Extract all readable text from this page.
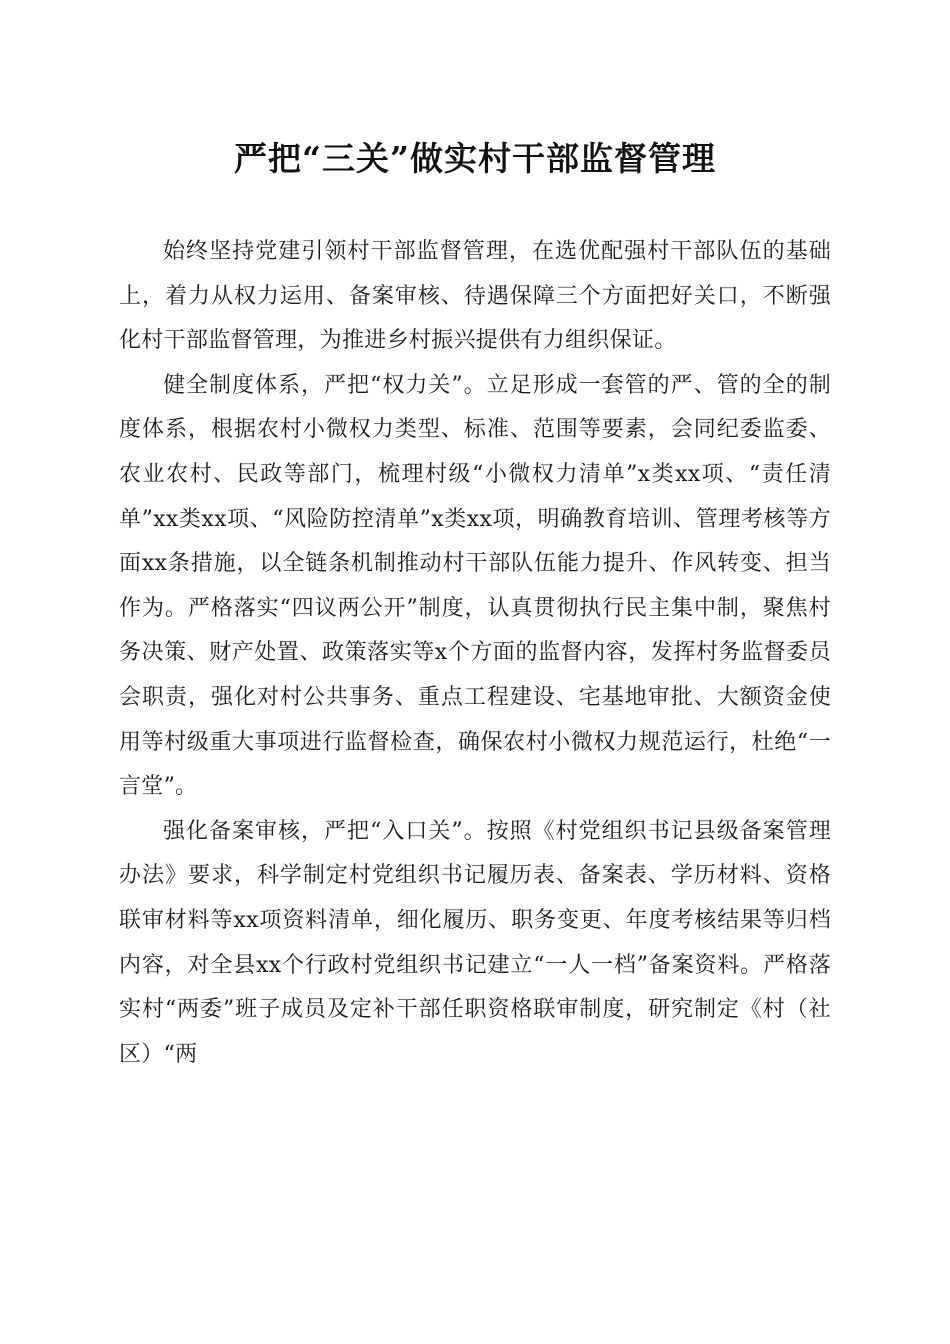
严把“三关”做实村干部监督管理

始终坚持党建引领村干部监督管理，在选优配强村干部队伍的基础上，着力从权力运用、备案审核、待遇保障三个方面把好关口，不断强化村干部监督管理，为推进乡村振兴提供有力组织保证。

健全制度体系，严把“权力关”。立足形成一套管的严、管的全的制度体系，根据农村小微权力类型、标准、范围等要素，会同纪委监委、农业农村、民政等部门，梳理村级“小微权力清单”x类xx项、“责任清单”xx类xx项、“风险防控清单”x类xx项，明确教育培训、管理考核等方面xx条措施，以全链条机制推动村干部队伍能力提升、作风转变、担当作为。严格落实“四议两公开”制度，认真贯彻执行民主集中制，聚焦村务决策、财产处置、政策落实等x个方面的监督内容，发挥村务监督委员会职责，强化对村公共事务、重点工程建设、宅基地审批、大额资金使用等村级重大事项进行监督检查，确保农村小微权力规范运行，杜绝“一言堂”。

强化备案审核，严把“入口关”。按照《村党组织书记县级备案管理办法》要求，科学制定村党组织书记履历表、备案表、学历材料、资格联审材料等xx项资料清单，细化履历、职务变更、年度考核结果等归档内容，对全县xx个行政村党组织书记建立“一人一档”备案资料。严格落实村“两委”班子成员及定补干部任职资格联审制度，研究制定《村（社区）“两
